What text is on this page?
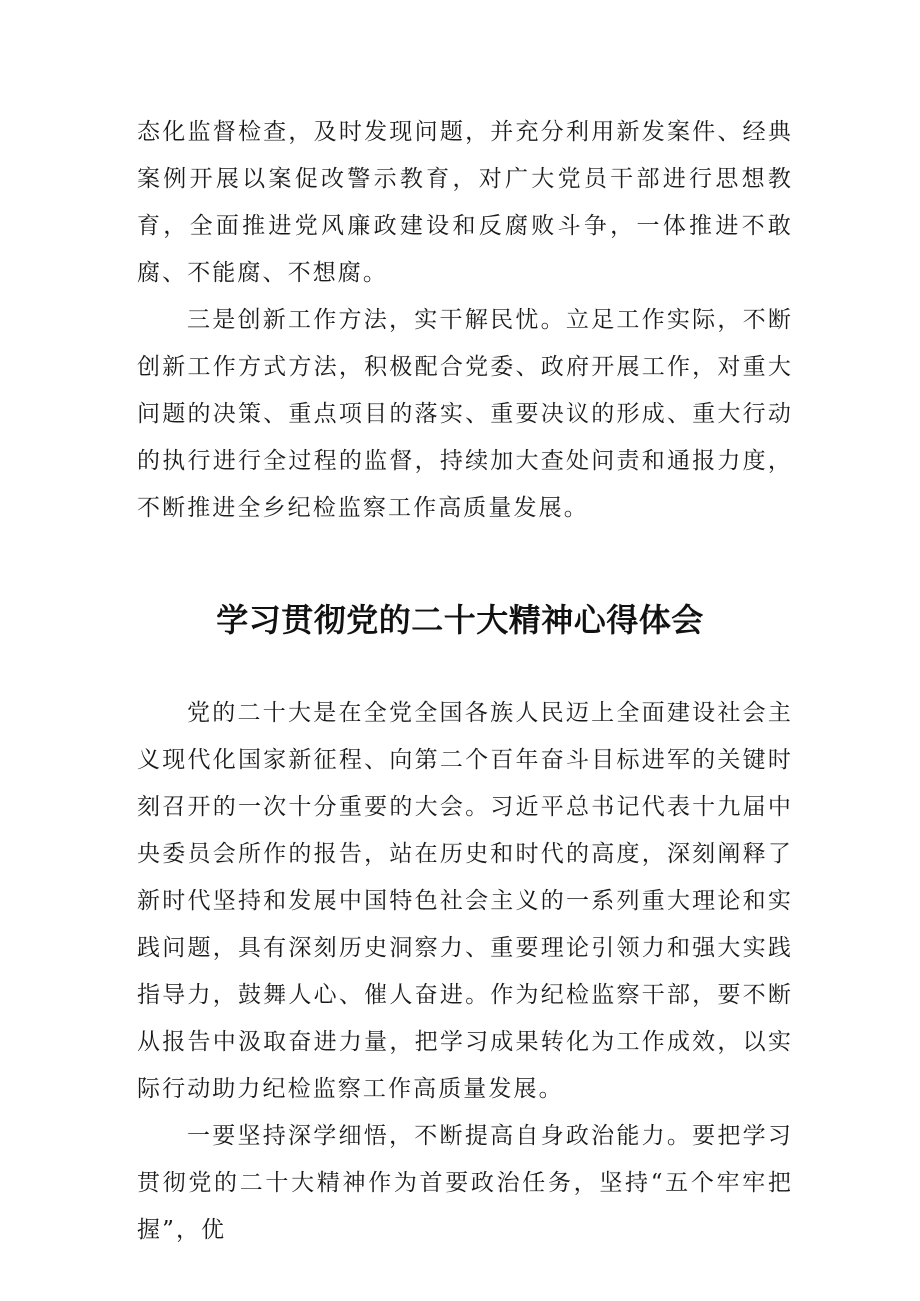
态化监督检查，及时发现问题，并充分利用新发案件、经典案例开展以案促改警示教育，对广大党员干部进行思想教育，全面推进党风廉政建设和反腐败斗争，一体推进不敢腐、不能腐、不想腐。

三是创新工作方法，实干解民忧。立足工作实际，不断创新工作方式方法，积极配合党委、政府开展工作，对重大问题的决策、重点项目的落实、重要决议的形成、重大行动的执行进行全过程的监督，持续加大查处问责和通报力度，不断推进全乡纪检监察工作高质量发展。

学习贯彻党的二十大精神心得体会

党的二十大是在全党全国各族人民迈上全面建设社会主义现代化国家新征程、向第二个百年奋斗目标进军的关键时刻召开的一次十分重要的大会。习近平总书记代表十九届中央委员会所作的报告，站在历史和时代的高度，深刻阐释了新时代坚持和发展中国特色社会主义的一系列重大理论和实践问题，具有深刻历史洞察力、重要理论引领力和强大实践指导力，鼓舞人心、催人奋进。作为纪检监察干部，要不断从报告中汲取奋进力量，把学习成果转化为工作成效，以实际行动助力纪检监察工作高质量发展。

一要坚持深学细悟，不断提高自身政治能力。要把学习贯彻党的二十大精神作为首要政治任务，坚持“五个牢牢把握”，优
